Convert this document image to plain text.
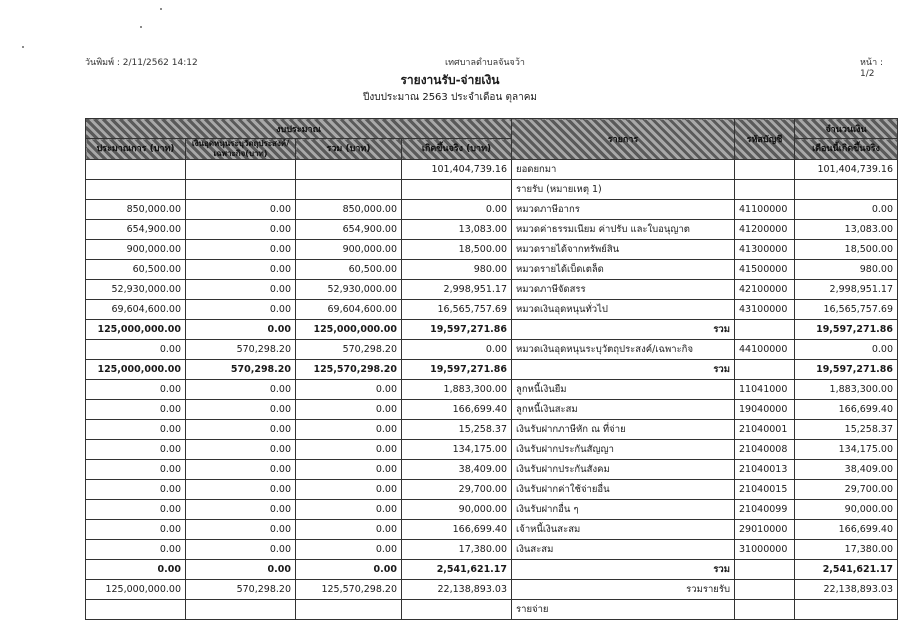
วันพิมพ์ : 2/11/2562 14:12	เทศบาลตำบลจันจว้า	หน้า : 1/2
รายงานรับ-จ่ายเงิน
ปีงบประมาณ 2563 ประจำเดือน ตุลาคม
งบประมาณ				รายการ	รหัสบัญชี	จำนวนเงิน
ประมาณการ (บาท)	เงินอุดหนุนระบุวัตถุประสงค์/เฉพาะกิจ(บาท)	รวม (บาท)	เกิดขึ้นจริง (บาท)			เดือนนี้เกิดขึ้นจริง
			101,404,739.16	ยอดยกมา		101,404,739.16
				รายรับ (หมายเหตุ 1)		
850,000.00	0.00	850,000.00	0.00	หมวดภาษีอากร	41100000	0.00
654,900.00	0.00	654,900.00	13,083.00	หมวดค่าธรรมเนียม ค่าปรับ และใบอนุญาต	41200000	13,083.00
900,000.00	0.00	900,000.00	18,500.00	หมวดรายได้จากทรัพย์สิน	41300000	18,500.00
60,500.00	0.00	60,500.00	980.00	หมวดรายได้เบ็ดเตล็ด	41500000	980.00
52,930,000.00	0.00	52,930,000.00	2,998,951.17	หมวดภาษีจัดสรร	42100000	2,998,951.17
69,604,600.00	0.00	69,604,600.00	16,565,757.69	หมวดเงินอุดหนุนทั่วไป	43100000	16,565,757.69
125,000,000.00	0.00	125,000,000.00	19,597,271.86	รวม		19,597,271.86
0.00	570,298.20	570,298.20	0.00	หมวดเงินอุดหนุนระบุวัตถุประสงค์/เฉพาะกิจ	44100000	0.00
125,000,000.00	570,298.20	125,570,298.20	19,597,271.86	รวม		19,597,271.86
0.00	0.00	0.00	1,883,300.00	ลูกหนี้เงินยืม	11041000	1,883,300.00
0.00	0.00	0.00	166,699.40	ลูกหนี้เงินสะสม	19040000	166,699.40
0.00	0.00	0.00	15,258.37	เงินรับฝากภาษีหัก ณ ที่จ่าย	21040001	15,258.37
0.00	0.00	0.00	134,175.00	เงินรับฝากประกันสัญญา	21040008	134,175.00
0.00	0.00	0.00	38,409.00	เงินรับฝากประกันสังคม	21040013	38,409.00
0.00	0.00	0.00	29,700.00	เงินรับฝากค่าใช้จ่ายอื่น	21040015	29,700.00
0.00	0.00	0.00	90,000.00	เงินรับฝากอื่น ๆ	21040099	90,000.00
0.00	0.00	0.00	166,699.40	เจ้าหนี้เงินสะสม	29010000	166,699.40
0.00	0.00	0.00	17,380.00	เงินสะสม	31000000	17,380.00
0.00	0.00	0.00	2,541,621.17	รวม		2,541,621.17
125,000,000.00	570,298.20	125,570,298.20	22,138,893.03	รวมรายรับ		22,138,893.03
				รายจ่าย		
